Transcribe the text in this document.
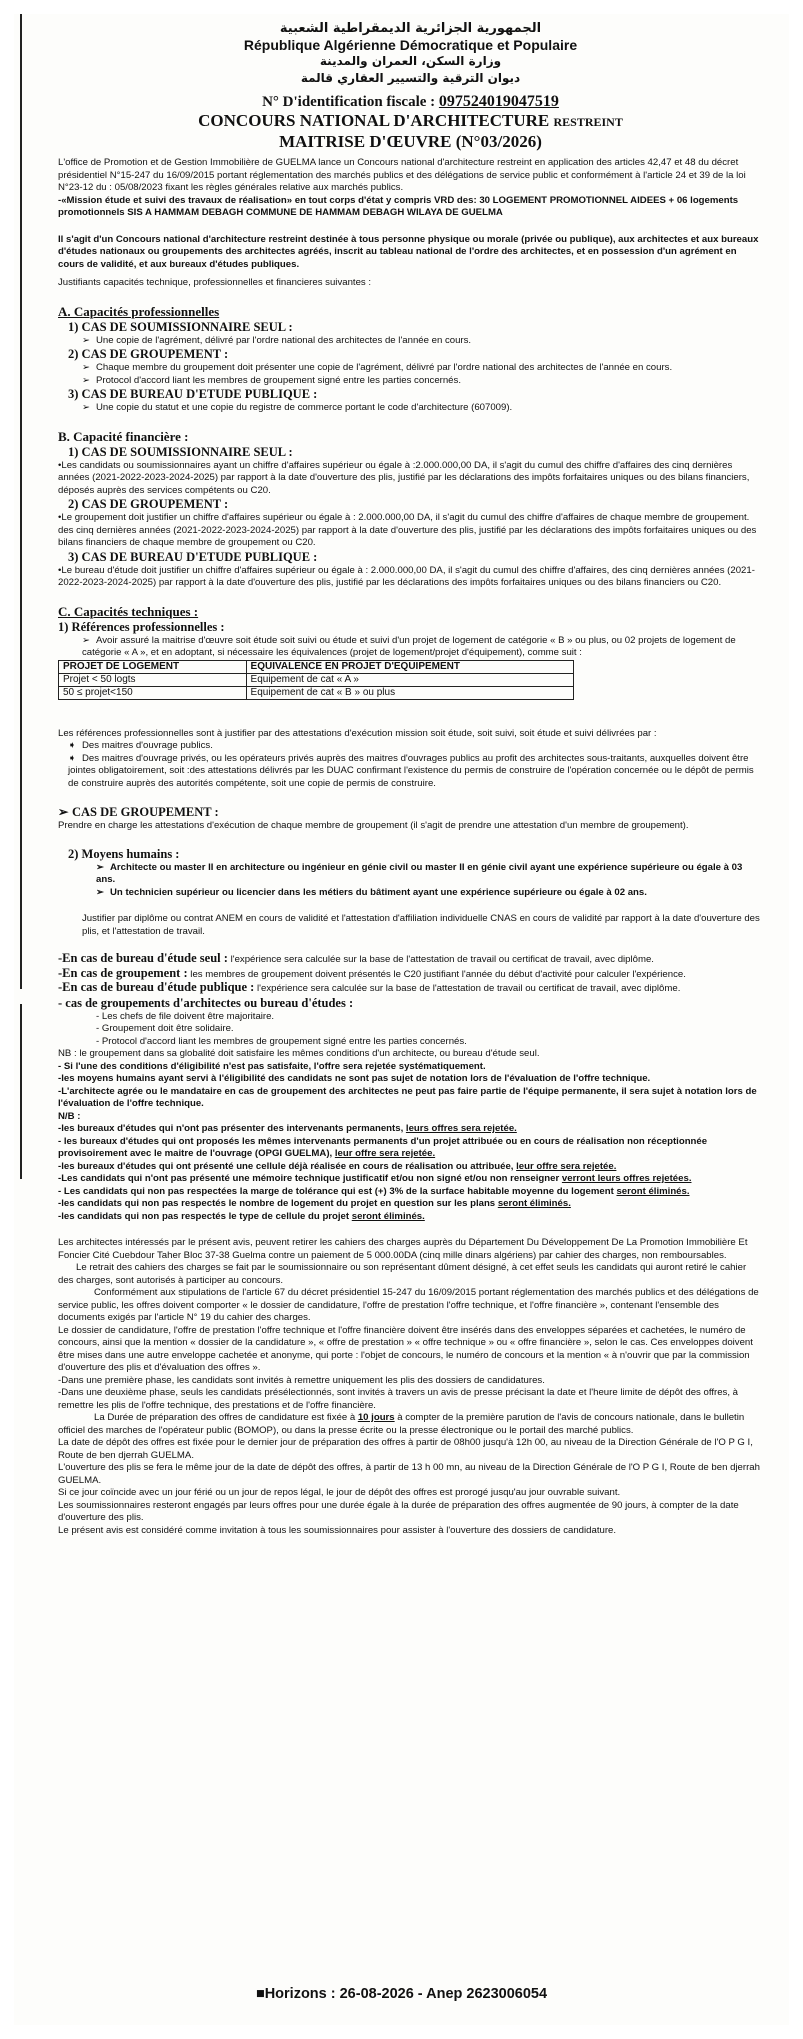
الجمهورية الجزائرية الديمقراطية الشعبية
République Algérienne Démocratique et Populaire
وزارة السكن، العمران والمدينة
ديوان الترقية والتسيير العقاري قالمة
N° D'identification fiscale : 097524019047519
CONCOURS NATIONAL D'ARCHITECTURE RESTREINT
MAITRISE D'ŒUVRE (N°03/2026)

L'office de Promotion et de Gestion Immobilière de GUELMA lance un Concours national d'architecture restreint en application des articles 42,47 et 48 du décret présidentiel N°15-247 du 16/09/2015 portant réglementation des marchés publics et des délégations de service public et conformément à l'article 24 et 39 de la loi N°23-12 du : 05/08/2023 fixant les règles générales relative aux marchés publics.

-«Mission étude et suivi des travaux de réalisation» en tout corps d'état y compris VRD des: 30 LOGEMENT PROMOTIONNEL AIDEES + 06 logements promotionnels SIS A HAMMAM DEBAGH COMMUNE DE HAMMAM DEBAGH WILAYA DE GUELMA

Il s'agit d'un Concours national d'architecture restreint destinée à tous personne physique ou morale (privée ou publique), aux architectes et aux bureaux d'études nationaux ou groupements des architectes agréés, inscrit au tableau national de l'ordre des architectes, et en possession d'un agrément en cours de validité, et aux bureaux d'études publiques.

Justifiants capacités technique, professionnelles et financieres suivantes :

A. Capacités professionnelles
1) CAS DE SOUMISSIONNAIRE SEUL :

➢ Une copie de l'agrément, délivré par l'ordre national des architectes de l'année en cours.

2) CAS DE GROUPEMENT :

➢ Chaque membre du groupement doit présenter une copie de l'agrément, délivré par l'ordre national des architectes de l'année en cours.

➢ Protocol d'accord liant les membres de groupement signé entre les parties concernés.

3) CAS DE BUREAU D'ETUDE PUBLIQUE :

➢ Une copie du statut et une copie du registre de commerce portant le code d'architecture (607009).

B. Capacité financière :
1) CAS DE SOUMISSIONNAIRE SEUL :

•Les candidats ou soumissionnaires ayant un chiffre d'affaires supérieur ou égale à :2.000.000,00 DA, il s'agit du cumul des chiffre d'affaires des cinq dernières années (2021-2022-2023-2024-2025) par rapport à la date d'ouverture des plis, justifié par les déclarations des impôts forfaitaires uniques ou des bilans financiers, déposés auprès des services compétents ou C20.

2) CAS DE GROUPEMENT :

•Le groupement doit justifier un chiffre d'affaires supérieur ou égale à : 2.000.000,00 DA, il s'agit du cumul des chiffre d'affaires de chaque membre de groupement. des cinq dernières années (2021-2022-2023-2024-2025) par rapport à la date d'ouverture des plis, justifié par les déclarations des impôts forfaitaires uniques ou des bilans financiers de chaque membre de groupement ou C20.

3) CAS DE BUREAU D'ETUDE PUBLIQUE :

•Le bureau d'étude doit justifier un chiffre d'affaires supérieur ou égale à : 2.000.000,00 DA, il s'agit du cumul des chiffre d'affaires, des cinq dernières années (2021-2022-2023-2024-2025) par rapport à la date d'ouverture des plis, justifié par les déclarations des impôts forfaitaires uniques ou des bilans financiers ou C20.

C. Capacités techniques :
1) Références professionnelles :

➢ Avoir assuré la maitrise d'œuvre soit étude soit suivi ou étude et suivi d'un projet de logement de catégorie « B » ou plus, ou 02 projets de logement de catégorie « A », et en adoptant, si nécessaire les équivalences (projet de logement/projet d'équipement), comme suit :

PROJET DE LOGEMENT	EQUIVALENCE EN PROJET D'EQUIPEMENT
Projet < 50 logts	Equipement de cat « A »
50 ≤ projet<150	Equipement de cat « B » ou plus

Les références professionnelles sont à justifier par des attestations d'exécution mission soit étude, soit suivi, soit étude et suivi délivrées par :

➧ Des maitres d'ouvrage publics.

➧ Des maitres d'ouvrage privés, ou les opérateurs privés auprès des maitres d'ouvrages publics au profit des architectes sous-traitants, auxquelles doivent être jointes obligatoirement, soit :des attestations délivrés par les DUAC confirmant l'existence du permis de construire de l'opération concernée ou le dépôt de permis de construire auprès des autorités compétente, soit une copie de permis de construire.

➢ CAS DE GROUPEMENT :

Prendre en charge les attestations d'exécution de chaque membre de groupement (il s'agit de prendre une attestation d'un membre de groupement).

2) Moyens humains :

➢ Architecte ou master II en architecture ou ingénieur en génie civil ou master II en génie civil ayant une expérience supérieure ou égale à 03 ans.

➢ Un technicien supérieur ou licencier dans les métiers du bâtiment ayant une expérience supérieure ou égale à 02 ans.

Justifier par diplôme ou contrat ANEM en cours de validité et l'attestation d'affiliation individuelle CNAS en cours de validité par rapport à la date d'ouverture des plis, et l'attestation de travail.

-En cas de bureau d'étude seul : l'expérience sera calculée sur la base de l'attestation de travail ou certificat de travail, avec diplôme.

-En cas de groupement : les membres de groupement doivent présentés le C20 justifiant l'année du début d'activité pour calculer l'expérience.

-En cas de bureau d'étude publique : l'expérience sera calculée sur la base de l'attestation de travail ou certificat de travail, avec diplôme.

- cas de groupements d'architectes ou bureau d'études :

- Les chefs de file doivent être majoritaire.

- Groupement doit être solidaire.

- Protocol d'accord liant les membres de groupement signé entre les parties concernés.

NB : le groupement dans sa globalité doit satisfaire les mêmes conditions d'un architecte, ou bureau d'étude seul.

- Si l'une des conditions d'éligibilité n'est pas satisfaite, l'offre sera rejetée systématiquement.

-les moyens humains ayant servi à l'éligibilité des candidats ne sont pas sujet de notation lors de l'évaluation de l'offre technique.

-L'architecte agrée ou le mandataire en cas de groupement des architectes ne peut pas faire partie de l'équipe permanente, il sera sujet à notation lors de l'évaluation de l'offre technique.

N/B :

-les bureaux d'études qui n'ont pas présenter des intervenants permanents, leurs offres sera rejetée.

- les bureaux d'études qui ont proposés les mêmes intervenants permanents d'un projet attribuée ou en cours de réalisation non réceptionnée provisoirement avec le maitre de l'ouvrage (OPGI GUELMA), leur offre sera rejetée.

-les bureaux d'études qui ont présenté une cellule déjà réalisée en cours de réalisation ou attribuée, leur offre sera rejetée.

-Les candidats qui n'ont pas présenté une mémoire technique justificatif et/ou non signé et/ou non renseigner verront leurs offres rejetées.

- Les candidats qui non pas respectées la marge de tolérance qui est (+) 3% de la surface habitable moyenne du logement seront éliminés.

-les candidats qui non pas respectés le nombre de logement du projet en question sur les plans seront éliminés.

-les candidats qui non pas respectés le type de cellule du projet seront éliminés.

Les architectes intéressés par le présent avis, peuvent retirer les cahiers des charges auprès du Département Du Développement De La Promotion Immobilière Et Foncier Cité Cuebdour Taher Bloc 37-38 Guelma contre un paiement de 5 000.00DA (cinq mille dinars algériens) par cahier des charges, non remboursables.

Le retrait des cahiers des charges se fait par le soumissionnaire ou son représentant dûment désigné, à cet effet seuls les candidats qui auront retiré le cahier des charges, sont autorisés à participer au concours.

Conformément aux stipulations de l'article 67 du décret présidentiel 15-247 du 16/09/2015 portant réglementation des marchés publics et des délégations de service public, les offres doivent comporter « le dossier de candidature, l'offre de prestation l'offre technique, et l'offre financière », contenant l'ensemble des documents exigés par l'article N° 19 du cahier des charges.

Le dossier de candidature, l'offre de prestation l'offre technique et l'offre financière doivent être insérés dans des enveloppes séparées et cachetées, le numéro de concours, ainsi que la mention « dossier de la candidature », « offre de prestation » « offre technique » ou « offre financière », selon le cas. Ces enveloppes doivent être mises dans une autre enveloppe cachetée et anonyme, qui porte : l'objet de concours, le numéro de concours et la mention « à n'ouvrir que par la commission d'ouverture des plis et d'évaluation des offres ».

-Dans une première phase, les candidats sont invités à remettre uniquement les plis des dossiers de candidatures.

-Dans une deuxième phase, seuls les candidats présélectionnés, sont invités à travers un avis de presse précisant la date et l'heure limite de dépôt des offres, à remettre les plis de l'offre technique, des prestations et de l'offre financière.

La Durée de préparation des offres de candidature est fixée à 10 jours à compter de la première parution de l'avis de concours nationale, dans le bulletin officiel des marches de l'opérateur public (BOMOP), ou dans la presse écrite ou la presse électronique ou le portail des marché publics.

La date de dépôt des offres est fixée pour le dernier jour de préparation des offres à partir de 08h00 jusqu'à 12h 00, au niveau de la Direction Générale de l'O P G I, Route de ben djerrah GUELMA.

L'ouverture des plis se fera le même jour de la date de dépôt des offres, à partir de 13 h 00 mn, au niveau de la Direction Générale de l'O P G I, Route de ben djerrah GUELMA.

Si ce jour coïncide avec un jour férié ou un jour de repos légal, le jour de dépôt des offres est prorogé jusqu'au jour ouvrable suivant.

Les soumissionnaires resteront engagés par leurs offres pour une durée égale à la durée de préparation des offres augmentée de 90 jours, à compter de la date d'ouverture des plis.

Le présent avis est considéré comme invitation à tous les soumissionnaires pour assister à l'ouverture des dossiers de candidature.

■Horizons : 26-08-2026 - Anep 2623006054
